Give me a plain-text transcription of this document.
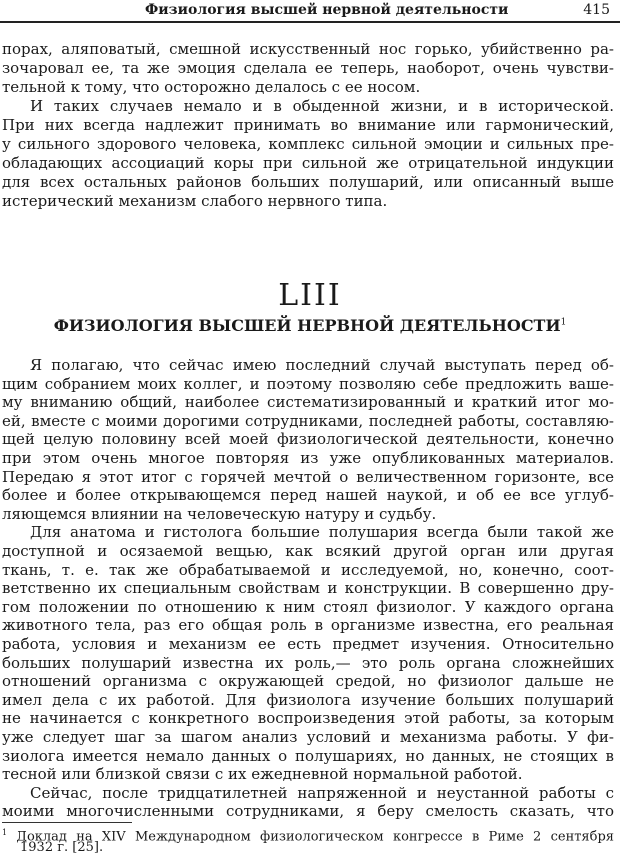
Физиология высшей нервной деятельности	415
порах, аляповатый, смешной искусственный нос горько, убийственно ра-
зочаровал ее, та же эмоция сделала ее теперь, наоборот, очень чувстви-
тельной к тому, что осторожно делалось с ее носом.
И таких случаев немало и в обыденной жизни, и в исторической.
При них всегда надлежит принимать во внимание или гармонический,
у сильного здорового человека, комплекс сильной эмоции и сильных пре-
обладающих ассоциаций коры при сильной же отрицательной индукции
для всех остальных районов больших полушарий, или описанный выше
истерический механизм слабого нервного типа.
LIII
ФИЗИОЛОГИЯ ВЫСШЕЙ НЕРВНОЙ ДЕЯТЕЛЬНОСТИ$^1$
Я полагаю, что сейчас имею последний случай выступать перед об-
щим собранием моих коллег, и поэтому позволяю себе предложить ваше-
му вниманию общий, наиболее систематизированный и краткий итог мо-
ей, вместе с моими дорогими сотрудниками, последней работы, составляю-
щей целую половину всей моей физиологической деятельности, конечно
при этом очень многое повторяя из уже опубликованных материалов.
Передаю я этот итог с горячей мечтой о величественном горизонте, все
более и более открывающемся перед нашей наукой, и об ее все углуб-
ляющемся влиянии на человеческую натуру и судьбу.
Для анатома и гистолога большие полушария всегда были такой же
доступной и осязаемой вещью, как всякий другой орган или другая
ткань, т. е. так же обрабатываемой и исследуемой, но, конечно, соот-
ветственно их специальным свойствам и конструкции. В совершенно дру-
гом положении по отношению к ним стоял физиолог. У каждого органа
животного тела, раз его общая роль в организме известна, его реальная
работа, условия и механизм ее есть предмет изучения. Относительно
больших полушарий известна их роль,— это роль органа сложнейших
отношений организма с окружающей средой, но физиолог дальше не
имел дела с их работой. Для физиолога изучение больших полушарий
не начинается с конкретного воспроизведения этой работы, за которым
уже следует шаг за шагом анализ условий и механизма работы. У фи-
зиолога имеется немало данных о полушариях, но данных, не стоящих в
тесной или близкой связи с их ежедневной нормальной работой.
Сейчас, после тридцатилетней напряженной и неустанной работы с
моими многочисленными сотрудниками, я беру смелость сказать, что
$^1$ Доклад на XIV Международном физиологическом конгрессе в Риме 2 сентября
1932 г. [25].
